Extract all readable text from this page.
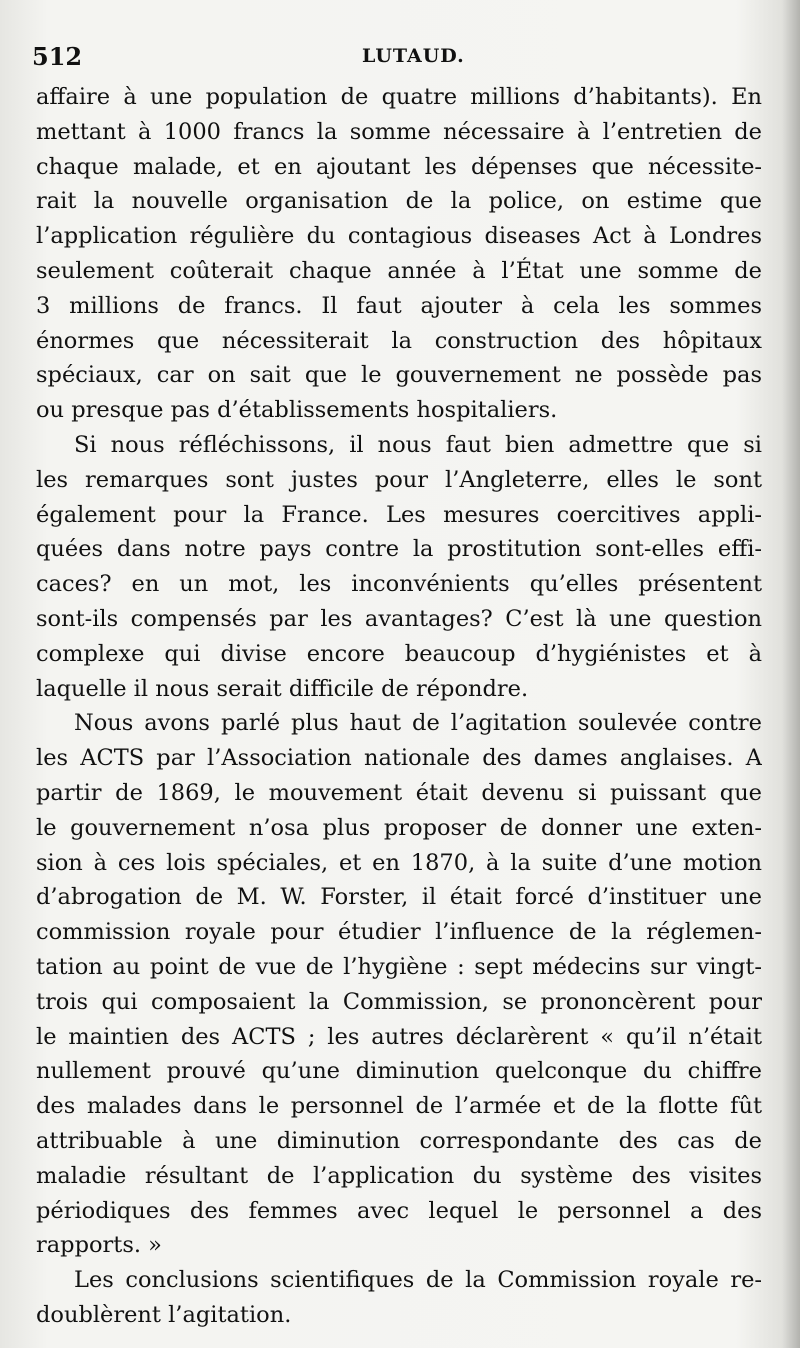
512	LUTAUD.
affaire à une population de quatre millions d’habitants). En
mettant à 1000 francs la somme nécessaire à l’entretien de
chaque malade, et en ajoutant les dépenses que nécessite-
rait la nouvelle organisation de la police, on estime que
l’application régulière du contagious diseases Act à Londres
seulement coûterait chaque année à l’État une somme de
3 millions de francs. Il faut ajouter à cela les sommes
énormes que nécessiterait la construction des hôpitaux
spéciaux, car on sait que le gouvernement ne possède pas
ou presque pas d’établissements hospitaliers.
Si nous réfléchissons, il nous faut bien admettre que si
les remarques sont justes pour l’Angleterre, elles le sont
également pour la France. Les mesures coercitives appli-
quées dans notre pays contre la prostitution sont-elles effi-
caces? en un mot, les inconvénients qu’elles présentent
sont-ils compensés par les avantages? C’est là une question
complexe qui divise encore beaucoup d’hygiénistes et à
laquelle il nous serait difficile de répondre.
Nous avons parlé plus haut de l’agitation soulevée contre
les ACTS par l’Association nationale des dames anglaises. A
partir de 1869, le mouvement était devenu si puissant que
le gouvernement n’osa plus proposer de donner une exten-
sion à ces lois spéciales, et en 1870, à la suite d’une motion
d’abrogation de M. W. Forster, il était forcé d’instituer une
commission royale pour étudier l’influence de la réglemen-
tation au point de vue de l’hygiène : sept médecins sur vingt-
trois qui composaient la Commission, se prononcèrent pour
le maintien des ACTS ; les autres déclarèrent « qu’il n’était
nullement prouvé qu’une diminution quelconque du chiffre
des malades dans le personnel de l’armée et de la flotte fût
attribuable à une diminution correspondante des cas de
maladie résultant de l’application du système des visites
périodiques des femmes avec lequel le personnel a des
rapports. »
Les conclusions scientifiques de la Commission royale re-
doublèrent l’agitation.
